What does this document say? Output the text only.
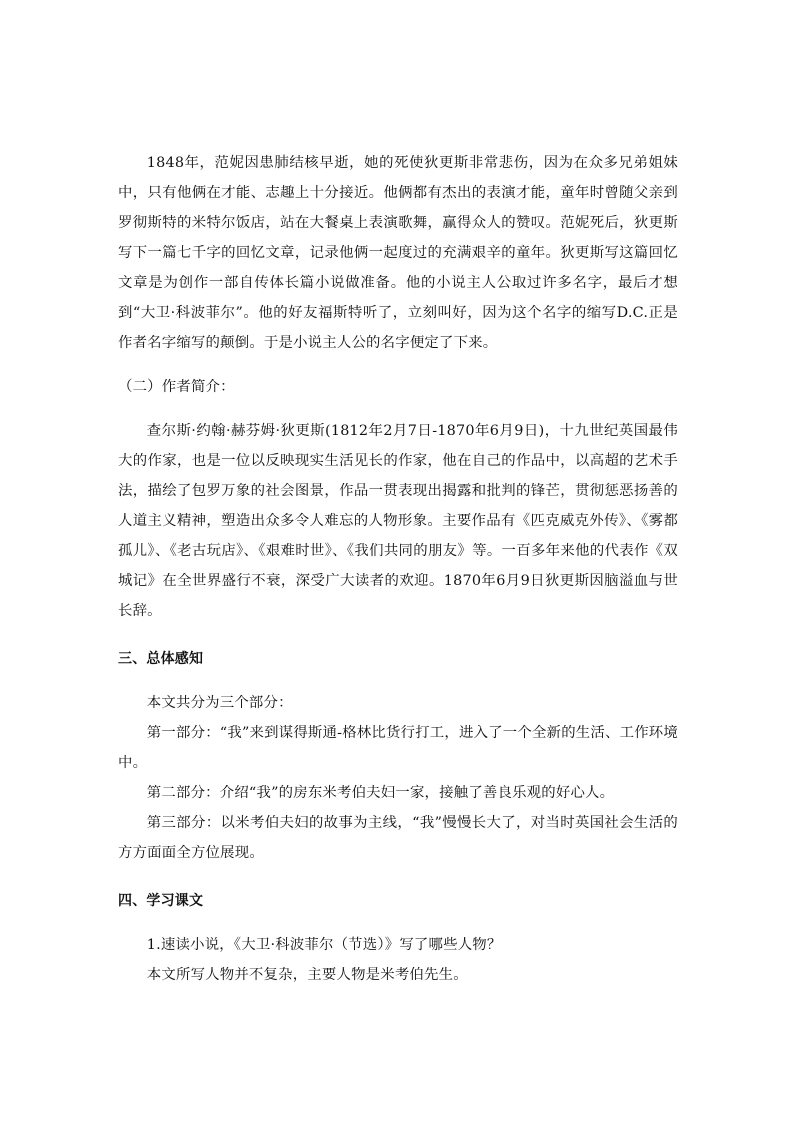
1848年，范妮因患肺结核早逝，她的死使狄更斯非常悲伤，因为在众多兄弟姐妹中，只有他俩在才能、志趣上十分接近。他俩都有杰出的表演才能，童年时曾随父亲到罗彻斯特的米特尔饭店，站在大餐桌上表演歌舞，赢得众人的赞叹。范妮死后，狄更斯写下一篇七千字的回忆文章，记录他俩一起度过的充满艰辛的童年。狄更斯写这篇回忆文章是为创作一部自传体长篇小说做准备。他的小说主人公取过许多名字，最后才想到“大卫·科波菲尔”。他的好友福斯特听了，立刻叫好，因为这个名字的缩写D.C.正是作者名字缩写的颠倒。于是小说主人公的名字便定了下来。

（二）作者简介：

查尔斯·约翰·赫芬姆·狄更斯(1812年2月7日-1870年6月9日)，十九世纪英国最伟大的作家，也是一位以反映现实生活见长的作家，他在自己的作品中，以高超的艺术手法，描绘了包罗万象的社会图景，作品一贯表现出揭露和批判的锋芒，贯彻惩恶扬善的人道主义精神，塑造出众多令人难忘的人物形象。主要作品有《匹克威克外传》、《雾都孤儿》、《老古玩店》、《艰难时世》、《我们共同的朋友》等。一百多年来他的代表作《双城记》在全世界盛行不衰，深受广大读者的欢迎。1870年6月9日狄更斯因脑溢血与世长辞。

三、总体感知

本文共分为三个部分：

第一部分：“我”来到谋得斯通-格林比货行打工，进入了一个全新的生活、工作环境中。

第二部分：介绍“我”的房东米考伯夫妇一家，接触了善良乐观的好心人。

第三部分：以米考伯夫妇的故事为主线，“我”慢慢长大了，对当时英国社会生活的方方面面全方位展现。

四、学习课文

1.速读小说，《大卫·科波菲尔（节选）》写了哪些人物？

本文所写人物并不复杂，主要人物是米考伯先生。
